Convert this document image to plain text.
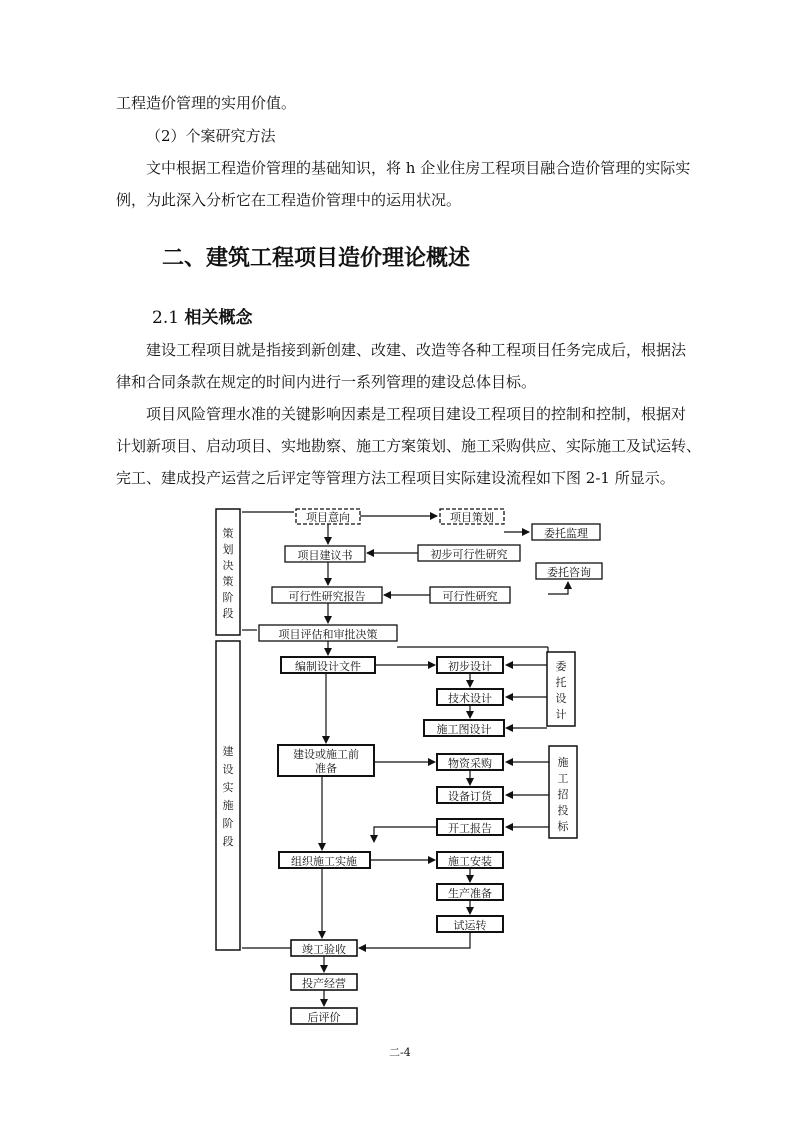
工程造价管理的实用价值。
（2）个案研究方法
文中根据工程造价管理的基础知识，将 h 企业住房工程项目融合造价管理的实际实
例，为此深入分析它在工程造价管理中的运用状况。
二、建筑工程项目造价理论概述
2.1 相关概念
建设工程项目就是指接到新创建、改建、改造等各种工程项目任务完成后，根据法
律和合同条款在规定的时间内进行一系列管理的建设总体目标。
项目风险管理水准的关键影响因素是工程项目建设工程项目的控制和控制，根据对
计划新项目、启动项目、实地勘察、施工方案策划、施工采购供应、实际施工及试运转、
完工、建成投产运营之后评定等管理方法工程项目实际建设流程如下图 2-1 所显示。
策
划
决
策
阶
段
建
设
实
施
阶
段
项目意向	项目策划
委托监理
项目建议书	初步可行性研究
委托咨询
可行性研究报告	可行性研究
项目评估和审批决策
编制设计文件	初步设计
技术设计
施工图设计
委
托
设
计
建设或施工前
准备	物资采购
设备订货
开工报告
施
工
招
投
标
组织施工实施	施工安装
生产准备
试运转
竣工验收
投产经营
后评价
二-4
